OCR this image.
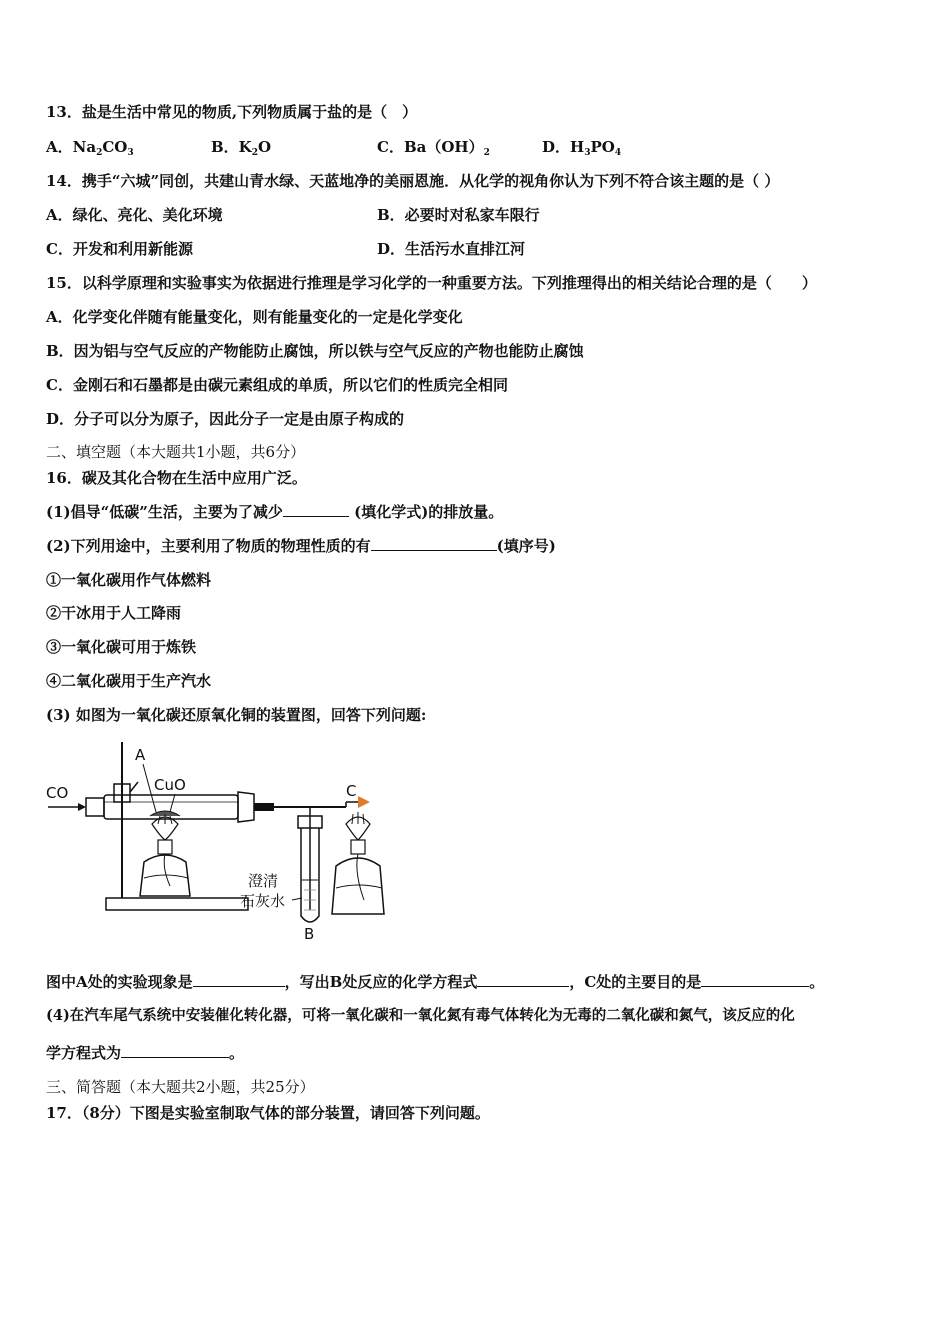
13．盐是生活中常见的物质,下列物质属于盐的是（　）
A．$Na_2CO_3$	B．$K_2O$	C．$Ba(OH)_2$	D．$H_3PO_4$
14．携手“六城”同创，共建山青水绿、天蓝地净的美丽恩施．从化学的视角你认为下列不符合该主题的是（ ）
A．绿化、亮化、美化环境	B．必要时对私家车限行
C．开发和利用新能源	D．生活污水直排江河
15．以科学原理和实验事实为依据进行推理是学习化学的一种重要方法。下列推理得出的相关结论合理的是（　　）
A．化学变化伴随有能量变化，则有能量变化的一定是化学变化
B．因为铝与空气反应的产物能防止腐蚀，所以铁与空气反应的产物也能防止腐蚀
C．金刚石和石墨都是由碳元素组成的单质，所以它们的性质完全相同
D．分子可以分为原子，因此分子一定是由原子构成的
二、填空题（本大题共1小题，共6分）
16．碳及其化合物在生活中应用广泛。
(1)倡导“低碳”生活，主要为了减少	(填化学式)的排放量。
(2)下列用途中，主要利用了物质的物理性质的有	(填序号)
①一氧化碳用作气体燃料
②干冰用于人工降雨
③一氧化碳可用于炼铁
④二氧化碳用于生产汽水
(3) 如图为一氧化碳还原氧化铜的装置图，回答下列问题:
CO
A
CuO
澄清
石灰水
B
C
图中A处的实验现象是	，写出B处反应的化学方程式	，C处的主要目的是	。
(4)在汽车尾气系统中安装催化转化器，可将一氧化碳和一氧化氮有毒气体转化为无毒的二氧化碳和氮气，该反应的化
学方程式为	。
三、简答题（本大题共2小题，共25分）
17．（8分）下图是实验室制取气体的部分装置，请回答下列问题。
